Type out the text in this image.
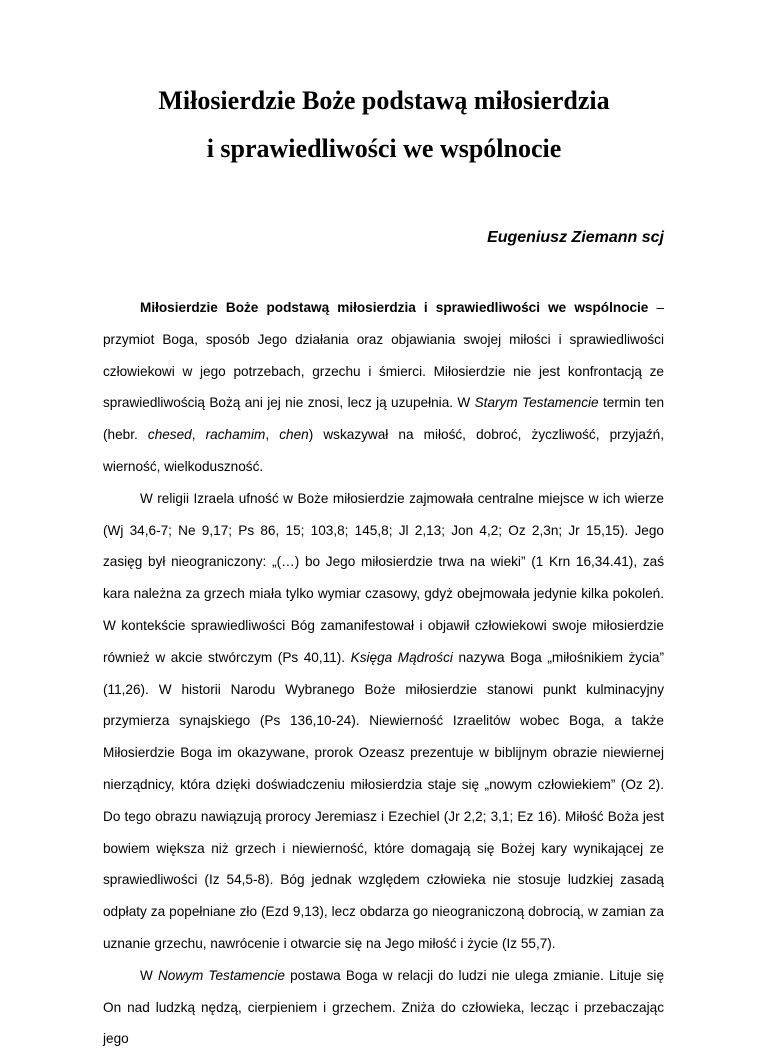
Miłosierdzie Boże podstawą miłosierdzia
i sprawiedliwości we wspólnocie
Eugeniusz Ziemann scj

Miłosierdzie Boże podstawą miłosierdzia i sprawiedliwości we wspólnocie – przymiot Boga, sposób Jego działania oraz objawiania swojej miłości i sprawiedliwości człowiekowi w jego potrzebach, grzechu i śmierci. Miłosierdzie nie jest konfrontacją ze sprawiedliwością Bożą ani jej nie znosi, lecz ją uzupełnia. W Starym Testamencie termin ten (hebr. chesed, rachamim, chen) wskazywał na miłość, dobroć, życzliwość, przyjaźń, wierność, wielkoduszność.

W religii Izraela ufność w Boże miłosierdzie zajmowała centralne miejsce w ich wierze (Wj 34,6-7; Ne 9,17; Ps 86, 15; 103,8; 145,8; Jl 2,13; Jon 4,2; Oz 2,3n; Jr 15,15). Jego zasięg był nieograniczony: „(…) bo Jego miłosierdzie trwa na wieki” (1 Krn 16,34.41), zaś kara należna za grzech miała tylko wymiar czasowy, gdyż obejmowała jedynie kilka pokoleń. W kontekście sprawiedliwości Bóg zamanifestował i objawił człowiekowi swoje miłosierdzie również w akcie stwórczym (Ps 40,11). Księga Mądrości nazywa Boga „miłośnikiem życia” (11,26). W historii Narodu Wybranego Boże miłosierdzie stanowi punkt kulminacyjny przymierza synajskiego (Ps 136,10-24). Niewierność Izraelitów wobec Boga, a także Miłosierdzie Boga im okazywane, prorok Ozeasz prezentuje w biblijnym obrazie niewiernej nierządnicy, która dzięki doświadczeniu miłosierdzia staje się „nowym człowiekiem” (Oz 2). Do tego obrazu nawiązują prorocy Jeremiasz i Ezechiel (Jr 2,2; 3,1; Ez 16). Miłość Boża jest bowiem większa niż grzech i niewierność, które domagają się Bożej kary wynikającej ze sprawiedliwości (Iz 54,5-8). Bóg jednak względem człowieka nie stosuje ludzkiej zasadą odpłaty za popełniane zło (Ezd 9,13), lecz obdarza go nieograniczoną dobrocią, w zamian za uznanie grzechu, nawrócenie i otwarcie się na Jego miłość i życie (Iz 55,7).

W Nowym Testamencie postawa Boga w relacji do ludzi nie ulega zmianie. Lituje się On nad ludzką nędzą, cierpieniem i grzechem. Zniża do człowieka, lecząc i przebaczając jego
